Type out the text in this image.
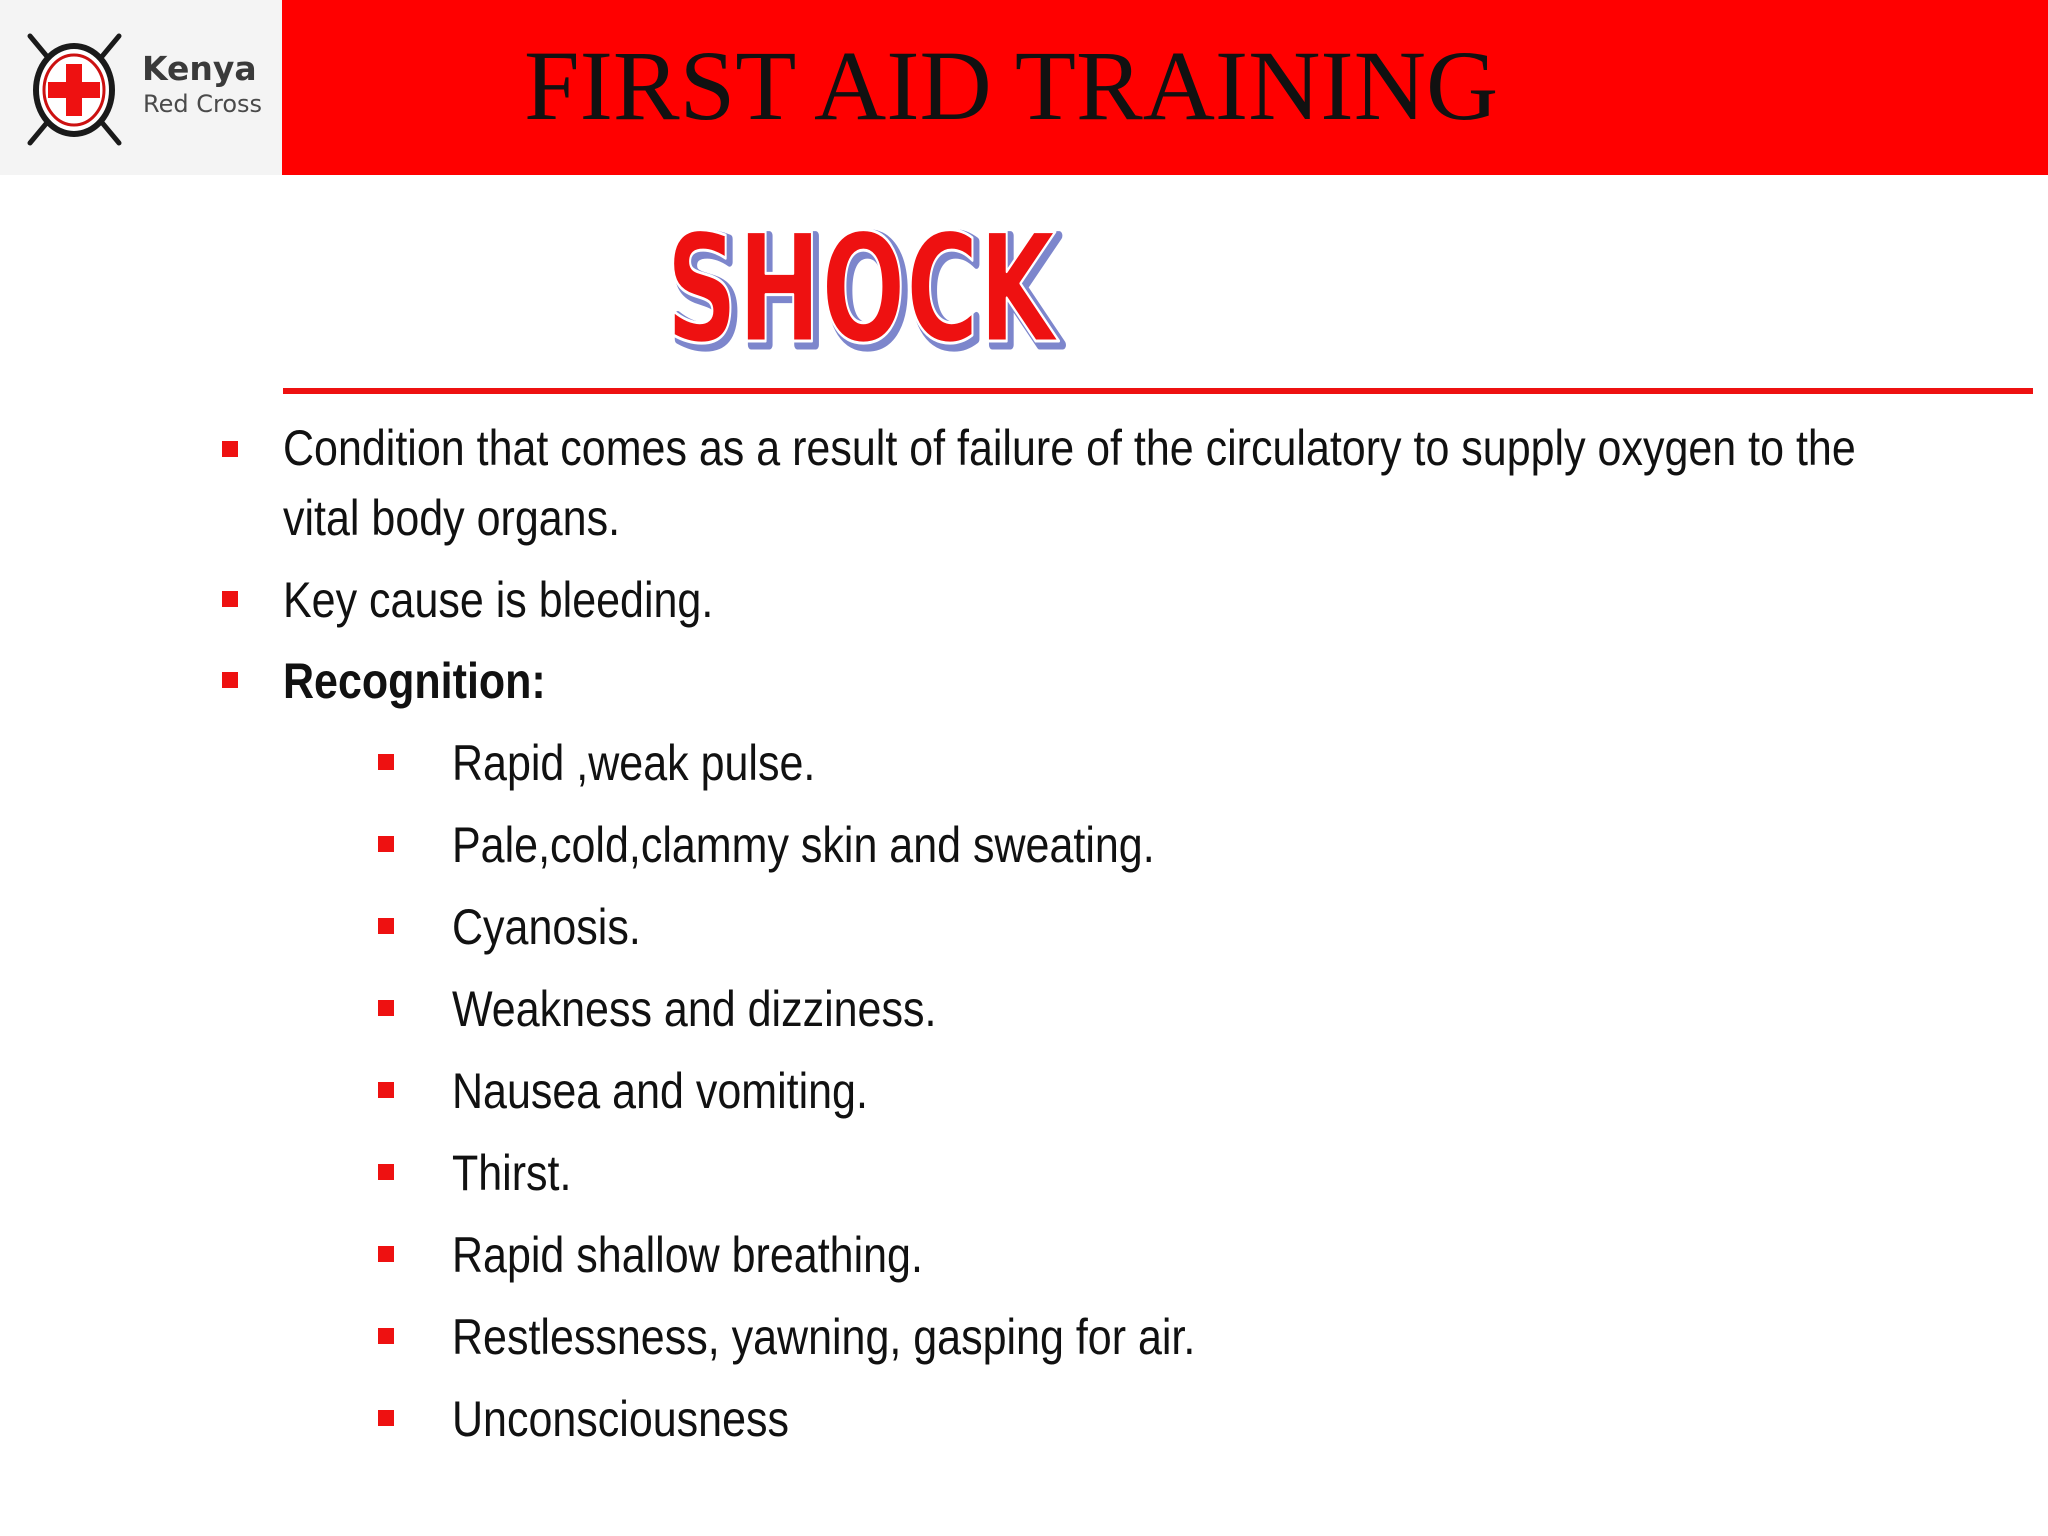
Kenya
Red Cross	FIRST AID TRAINING
SHOCK
SHOCK
Condition that comes as a result of failure of the circulatory to supply oxygen to the
vital body organs.
Key cause is bleeding.
Recognition:
Rapid ,weak pulse.
Pale,cold,clammy skin and sweating.
Cyanosis.
Weakness and dizziness.
Nausea and vomiting.
Thirst.
Rapid shallow breathing.
Restlessness, yawning, gasping for air.
Unconsciousness
